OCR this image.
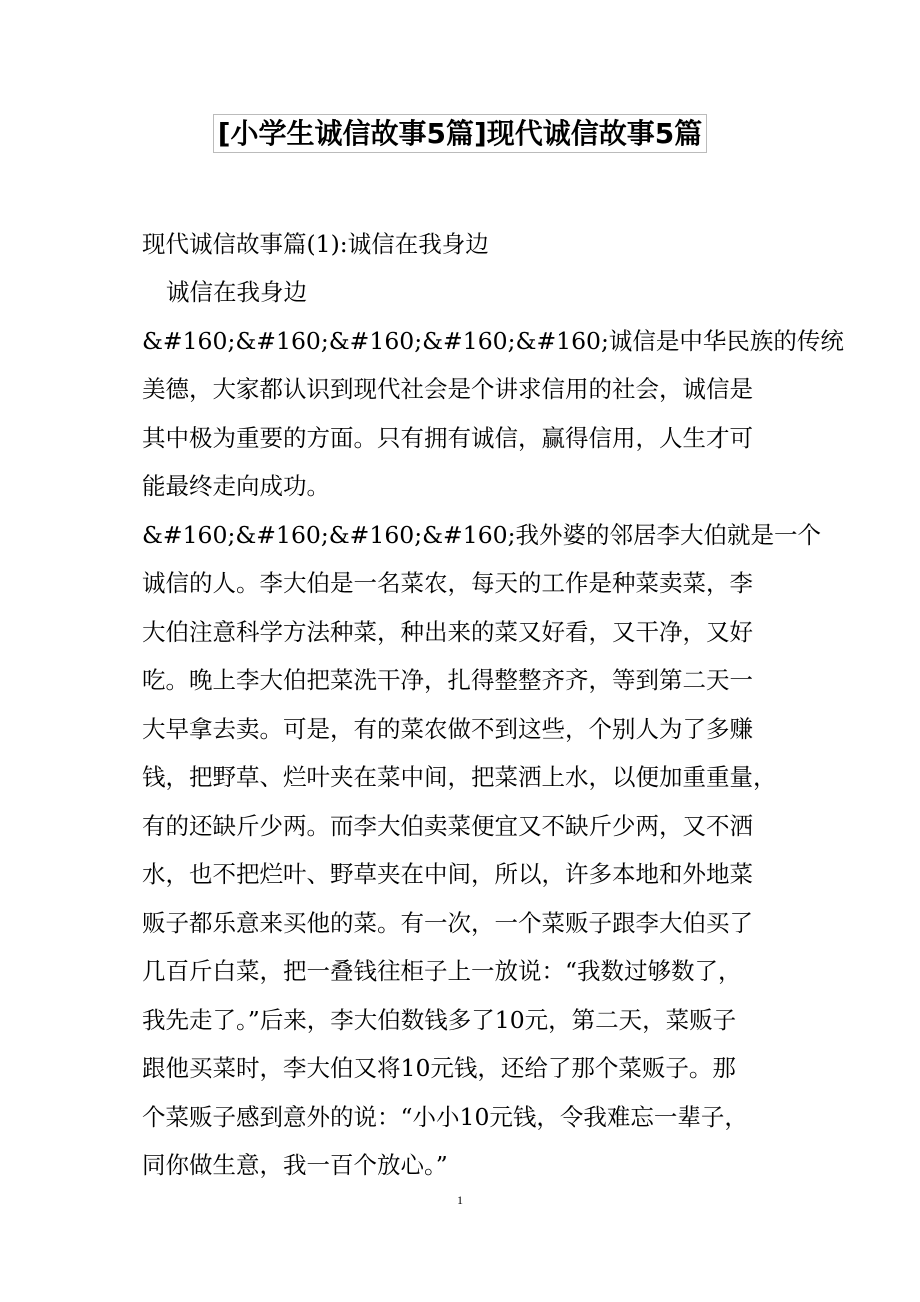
[小学生诚信故事5篇]现代诚信故事5篇
现代诚信故事篇(1):诚信在我身边
诚信在我身边
&#160;&#160;&#160;&#160;&#160;诚信是中华民族的传统
美德，大家都认识到现代社会是个讲求信用的社会，诚信是
其中极为重要的方面。只有拥有诚信，赢得信用，人生才可
能最终走向成功。
&#160;&#160;&#160;&#160;我外婆的邻居李大伯就是一个
诚信的人。李大伯是一名菜农，每天的工作是种菜卖菜，李
大伯注意科学方法种菜，种出来的菜又好看，又干净，又好
吃。晚上李大伯把菜洗干净，扎得整整齐齐，等到第二天一
大早拿去卖。可是，有的菜农做不到这些，个别人为了多赚
钱，把野草、烂叶夹在菜中间，把菜洒上水，以便加重重量，
有的还缺斤少两。而李大伯卖菜便宜又不缺斤少两，又不洒
水，也不把烂叶、野草夹在中间，所以，许多本地和外地菜
贩子都乐意来买他的菜。有一次，一个菜贩子跟李大伯买了
几百斤白菜，把一叠钱往柜子上一放说：“我数过够数了，
我先走了。”后来，李大伯数钱多了10元，第二天，菜贩子
跟他买菜时，李大伯又将10元钱，还给了那个菜贩子。那
个菜贩子感到意外的说：“小小10元钱，令我难忘一辈子，
同你做生意，我一百个放心。”
1
